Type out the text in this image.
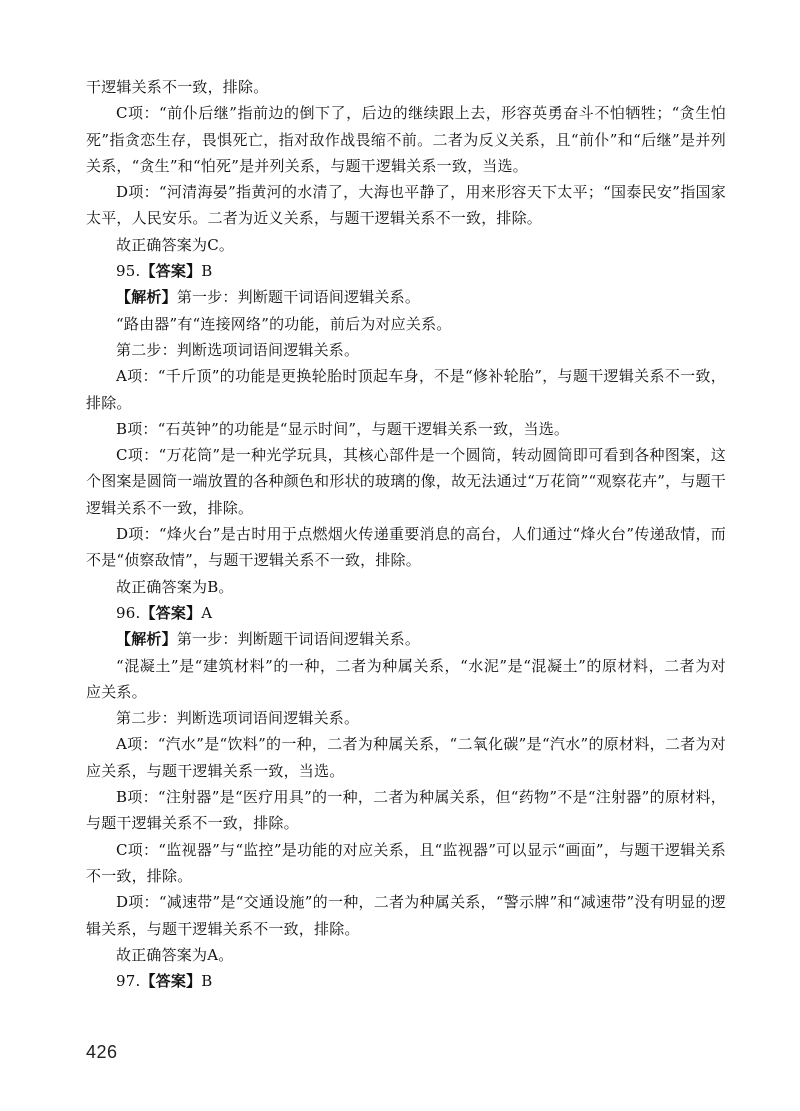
干逻辑关系不一致，排除。

C项：“前仆后继”指前边的倒下了，后边的继续跟上去，形容英勇奋斗不怕牺牲；“贪生怕死”指贪恋生存，畏惧死亡，指对敌作战畏缩不前。二者为反义关系，且“前仆”和“后继”是并列关系，“贪生”和“怕死”是并列关系，与题干逻辑关系一致，当选。

D项：“河清海晏”指黄河的水清了，大海也平静了，用来形容天下太平；“国泰民安”指国家太平，人民安乐。二者为近义关系，与题干逻辑关系不一致，排除。

故正确答案为C。

95.【答案】B

【解析】第一步：判断题干词语间逻辑关系。

“路由器”有“连接网络”的功能，前后为对应关系。

第二步：判断选项词语间逻辑关系。

A项：“千斤顶”的功能是更换轮胎时顶起车身，不是“修补轮胎”，与题干逻辑关系不一致，排除。

B项：“石英钟”的功能是“显示时间”，与题干逻辑关系一致，当选。

C项：“万花筒”是一种光学玩具，其核心部件是一个圆筒，转动圆筒即可看到各种图案，这个图案是圆筒一端放置的各种颜色和形状的玻璃的像，故无法通过“万花筒”“观察花卉”，与题干逻辑关系不一致，排除。

D项：“烽火台”是古时用于点燃烟火传递重要消息的高台，人们通过“烽火台”传递敌情，而不是“侦察敌情”，与题干逻辑关系不一致，排除。

故正确答案为B。

96.【答案】A

【解析】第一步：判断题干词语间逻辑关系。

“混凝土”是“建筑材料”的一种，二者为种属关系，“水泥”是“混凝土”的原材料，二者为对应关系。

第二步：判断选项词语间逻辑关系。

A项：“汽水”是“饮料”的一种，二者为种属关系，“二氧化碳”是“汽水”的原材料，二者为对应关系，与题干逻辑关系一致，当选。

B项：“注射器”是“医疗用具”的一种，二者为种属关系，但“药物”不是“注射器”的原材料，与题干逻辑关系不一致，排除。

C项：“监视器”与“监控”是功能的对应关系，且“监视器”可以显示“画面”，与题干逻辑关系不一致，排除。

D项：“减速带”是“交通设施”的一种，二者为种属关系，“警示牌”和“减速带”没有明显的逻辑关系，与题干逻辑关系不一致，排除。

故正确答案为A。

97.【答案】B

426
